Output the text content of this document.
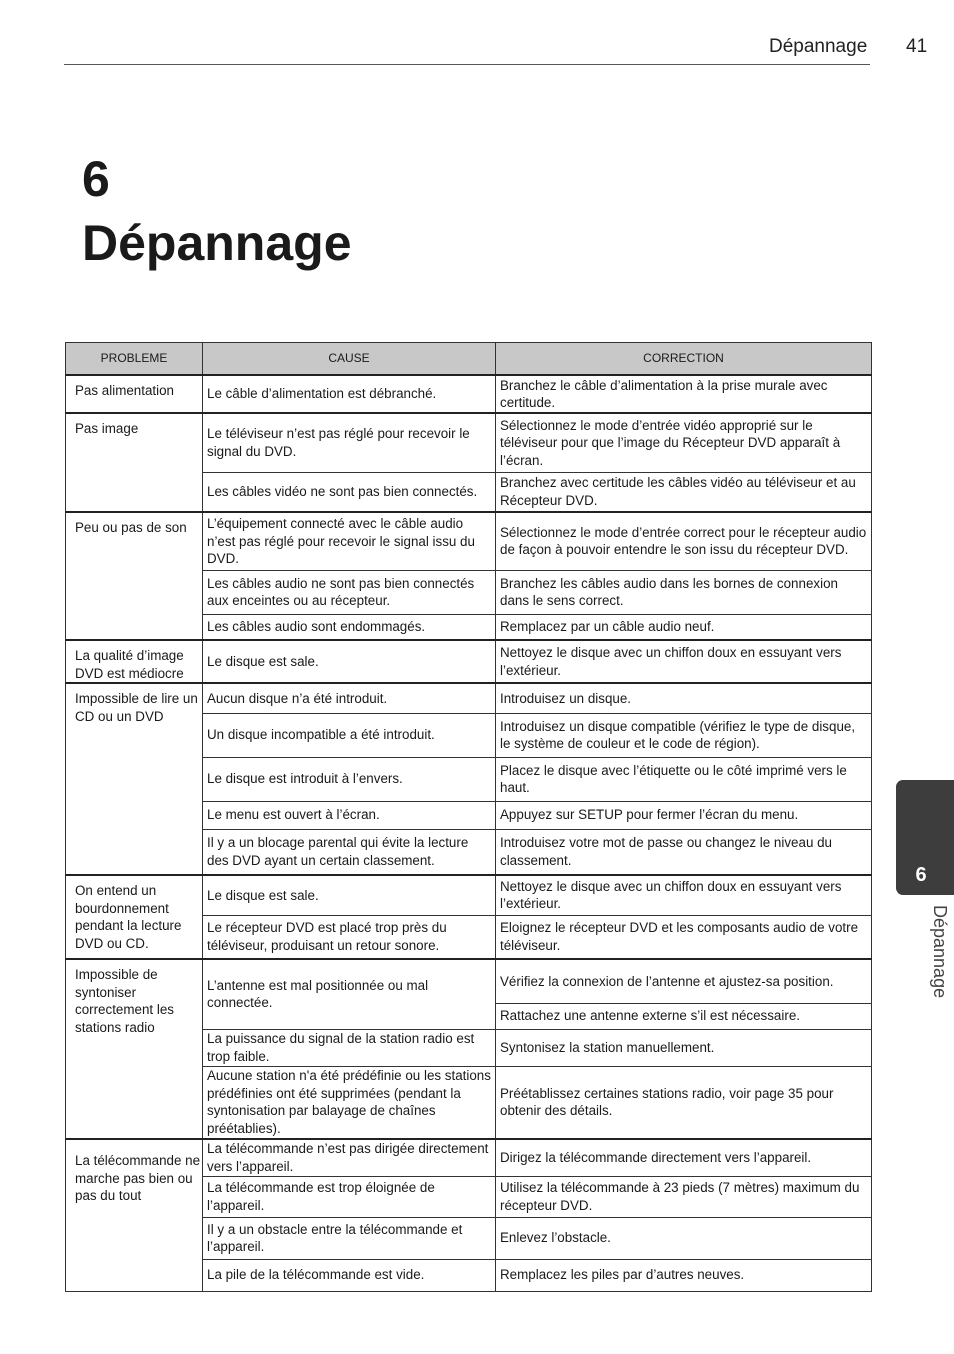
Dépannage 41
6
Dépannage
PROBLEME	CAUSE	CORRECTION
Pas alimentation	Le câble d’alimentation est débranché.	Branchez le câble d’alimentation à la prise murale avec certitude.
Pas image	Le téléviseur n’est pas réglé pour recevoir le signal du DVD.	Sélectionnez le mode d’entrée vidéo approprié sur le téléviseur pour que l’image du Récepteur DVD apparaît à l’écran.
	Les câbles vidéo ne sont pas bien connectés.	Branchez avec certitude les câbles vidéo au téléviseur et au Récepteur DVD.
Peu ou pas de son	L’équipement connecté avec le câble audio n’est pas réglé pour recevoir le signal issu du DVD.	Sélectionnez le mode d’entrée correct pour le récepteur audio de façon à pouvoir entendre le son issu du récepteur DVD.
	Les câbles audio ne sont pas bien connectés aux enceintes ou au récepteur.	Branchez les câbles audio dans les bornes de connexion dans le sens correct.
	Les câbles audio sont endommagés.	Remplacez par un câble audio neuf.
La qualité d’image DVD est médiocre	Le disque est sale.	Nettoyez le disque avec un chiffon doux en essuyant vers l’extérieur.
Impossible de lire un CD ou un DVD	Aucun disque n’a été introduit.	Introduisez un disque.
	Un disque incompatible a été introduit.	Introduisez un disque compatible (vérifiez le type de disque, le système de couleur et le code de région).
	Le disque est introduit à l’envers.	Placez le disque avec l’étiquette ou le côté imprimé vers le haut.
	Le menu est ouvert à l’écran.	Appuyez sur SETUP pour fermer l’écran du menu.
	Il y a un blocage parental qui évite la lecture des DVD ayant un certain classement.	Introduisez votre mot de passe ou changez le niveau du classement.
On entend un bourdonnement pendant la lecture DVD ou CD.	Le disque est sale.	Nettoyez le disque avec un chiffon doux en essuyant vers l’extérieur.
	Le récepteur DVD est placé trop près du téléviseur, produisant un retour sonore.	Eloignez le récepteur DVD et les composants audio de votre téléviseur.
Impossible de syntoniser correctement les stations radio	L’antenne est mal positionnée ou mal connectée.	Vérifiez la connexion de l’antenne et ajustez-sa position.
		Rattachez une antenne externe s’il est nécessaire.
	La puissance du signal de la station radio est trop faible.	Syntonisez la station manuellement.
	Aucune station n'a été prédéfinie ou les stations prédéfinies ont été supprimées (pendant la syntonisation par balayage de chaînes préétablies).	Préétablissez certaines stations radio, voir page 35 pour obtenir des détails.
La télécommande ne marche pas bien ou pas du tout	La télécommande n’est pas dirigée directement vers l’appareil.	Dirigez la télécommande directement vers l’appareil.
	La télécommande est trop éloignée de l’appareil.	Utilisez la télécommande à 23 pieds (7 mètres) maximum du récepteur DVD.
	Il y a un obstacle entre la télécommande et l’appareil.	Enlevez l’obstacle.
	La pile de la télécommande est vide.	Remplacez les piles par d’autres neuves.
6
Dépannage
